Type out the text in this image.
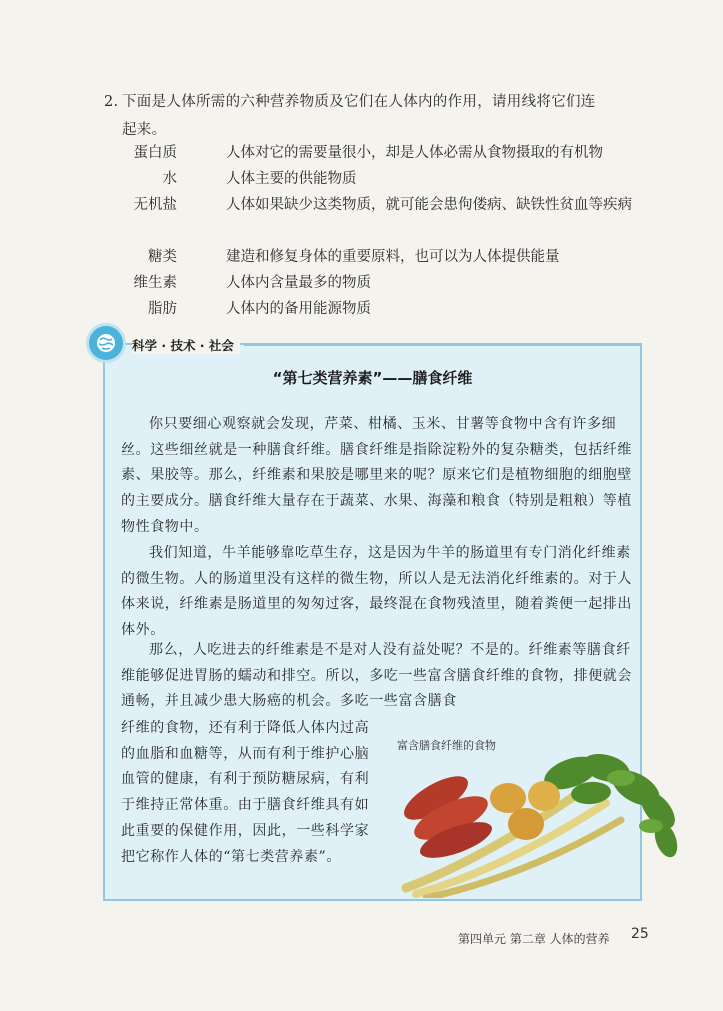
2. 下面是人体所需的六种营养物质及它们在人体内的作用，请用线将它们连
起来。
蛋白质	人体对它的需要量很小，却是人体必需从食物摄取的有机物
水	人体主要的供能物质
无机盐	人体如果缺少这类物质，就可能会患佝偻病、缺铁性贫血等疾病
糖类	建造和修复身体的重要原料，也可以为人体提供能量
维生素	人体内含量最多的物质
脂肪	人体内的备用能源物质
科学 · 技术 · 社会
“第七类营养素”——膳食纤维

你只要细心观察就会发现，芹菜、柑橘、玉米、甘薯等食物中含有许多细丝。这些细丝就是一种膳食纤维。膳食纤维是指除淀粉外的复杂糖类，包括纤维素、果胶等。那么，纤维素和果胶是哪里来的呢？原来它们是植物细胞的细胞壁的主要成分。膳食纤维大量存在于蔬菜、水果、海藻和粮食（特别是粗粮）等植物性食物中。

我们知道，牛羊能够靠吃草生存，这是因为牛羊的肠道里有专门消化纤维素的微生物。人的肠道里没有这样的微生物，所以人是无法消化纤维素的。对于人体来说，纤维素是肠道里的匆匆过客，最终混在食物残渣里，随着粪便一起排出体外。

那么，人吃进去的纤维素是不是对人没有益处呢？不是的。纤维素等膳食纤维能够促进胃肠的蠕动和排空。所以，多吃一些富含膳食纤维的食物，排便就会通畅，并且减少患大肠癌的机会。多吃一些富含膳食

纤维的食物，还有利于降低人体内过高的血脂和血糖等，从而有利于维护心脑血管的健康，有利于预防糖尿病，有利于维持正常体重。由于膳食纤维具有如此重要的保健作用，因此，一些科学家把它称作人体的“第七类营养素”。

富含膳食纤维的食物
第四单元 第二章 人体的营养 25
